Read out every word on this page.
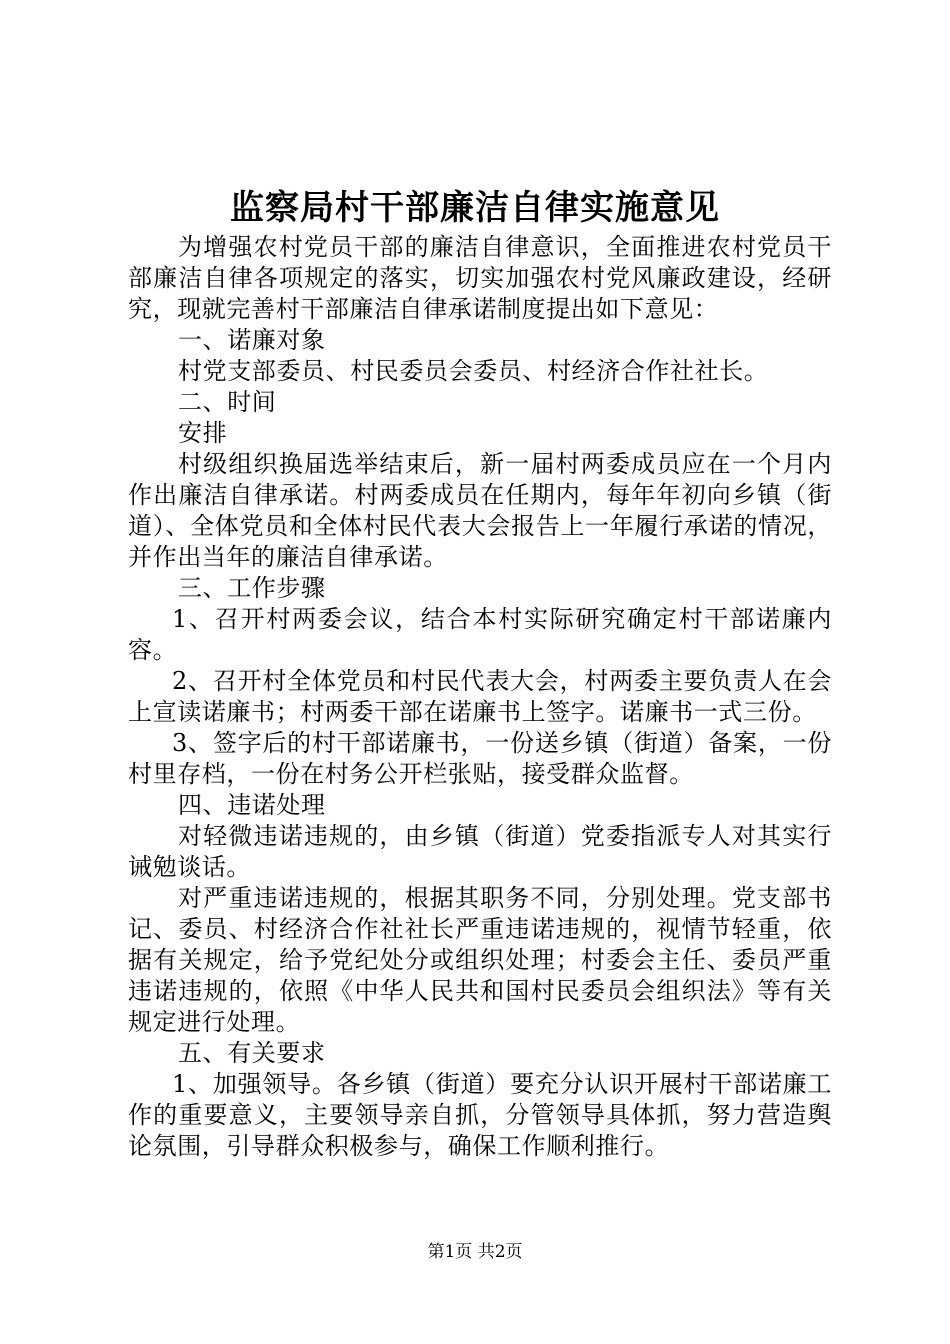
监察局村干部廉洁自律实施意见

为增强农村党员干部的廉洁自律意识，全面推进农村党员干部廉洁自律各项规定的落实，切实加强农村党风廉政建设，经研究，现就完善村干部廉洁自律承诺制度提出如下意见：

一、诺廉对象

村党支部委员、村民委员会委员、村经济合作社社长。

二、时间

安排

村级组织换届选举结束后，新一届村两委成员应在一个月内作出廉洁自律承诺。村两委成员在任期内，每年年初向乡镇（街道）、全体党员和全体村民代表大会报告上一年履行承诺的情况，并作出当年的廉洁自律承诺。

三、工作步骤

1、召开村两委会议，结合本村实际研究确定村干部诺廉内容。

2、召开村全体党员和村民代表大会，村两委主要负责人在会上宣读诺廉书；村两委干部在诺廉书上签字。诺廉书一式三份。

3、签字后的村干部诺廉书，一份送乡镇（街道）备案，一份村里存档，一份在村务公开栏张贴，接受群众监督。

四、违诺处理

对轻微违诺违规的，由乡镇（街道）党委指派专人对其实行诫勉谈话。

对严重违诺违规的，根据其职务不同，分别处理。党支部书记、委员、村经济合作社社长严重违诺违规的，视情节轻重，依据有关规定，给予党纪处分或组织处理；村委会主任、委员严重违诺违规的，依照《中华人民共和国村民委员会组织法》等有关规定进行处理。

五、有关要求

1、加强领导。各乡镇（街道）要充分认识开展村干部诺廉工作的重要意义，主要领导亲自抓，分管领导具体抓，努力营造舆论氛围，引导群众积极参与，确保工作顺利推行。

第1页 共2页
